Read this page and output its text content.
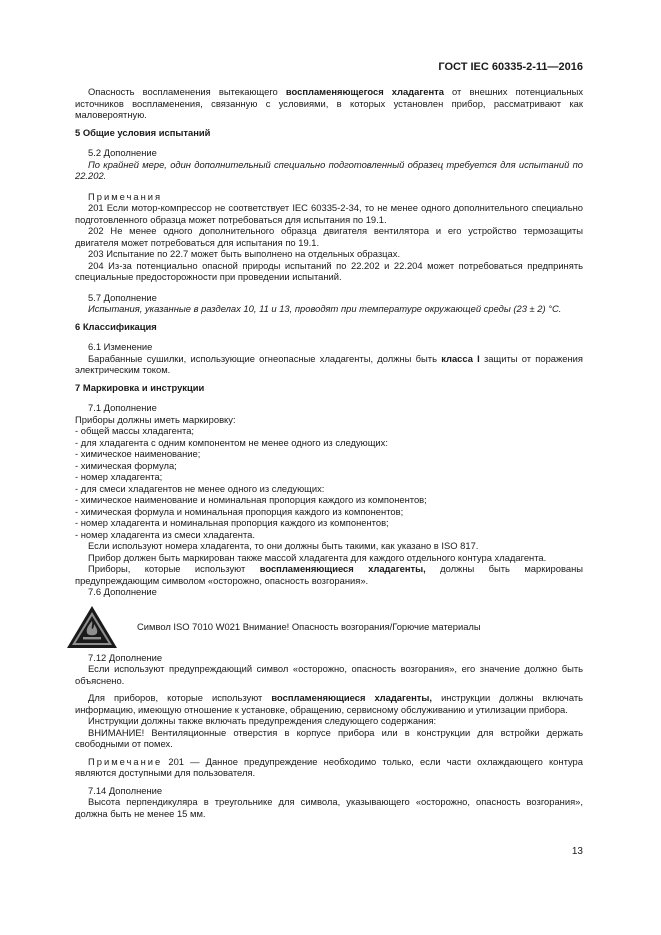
ГОСТ IEC 60335-2-11—2016

Опасность воспламенения вытекающего воспламеняющегося хладагента от внешних потенциальных источников воспламенения, связанную с условиями, в которых установлен прибор, рассматривают как маловероятную.

5 Общие условия испытаний

5.2 Дополнение

По крайней мере, один дополнительный специально подготовленный образец требуется для испытаний по 22.202.

Примечания

201 Если мотор-компрессор не соответствует IEC 60335-2-34, то не менее одного дополнительного специально подготовленного образца может потребоваться для испытания по 19.1.

202 Не менее одного дополнительного образца двигателя вентилятора и его устройство термозащиты двигателя может потребоваться для испытания по 19.1.

203 Испытание по 22.7 может быть выполнено на отдельных образцах.

204 Из-за потенциально опасной природы испытаний по 22.202 и 22.204 может потребоваться предпринять специальные предосторожности при проведении испытаний.

5.7 Дополнение

Испытания, указанные в разделах 10, 11 и 13, проводят при температуре окружающей среды (23 ± 2) °С.

6 Классификация

6.1 Изменение

Барабанные сушилки, использующие огнеопасные хладагенты, должны быть класса I защиты от поражения электрическим током.

7 Маркировка и инструкции

7.1 Дополнение

Приборы должны иметь маркировку:

- общей массы хладагента;

- для хладагента с одним компонентом не менее одного из следующих:

- химическое наименование;

- химическая формула;

- номер хладагента;

- для смеси хладагентов не менее одного из следующих:

- химическое наименование и номинальная пропорция каждого из компонентов;

- химическая формула и номинальная пропорция каждого из компонентов;

- номер хладагента и номинальная пропорция каждого из компонентов;

- номер хладагента из смеси хладагента.

Если используют номера хладагента, то они должны быть такими, как указано в ISO 817.

Прибор должен быть маркирован также массой хладагента для каждого отдельного контура хладагента.

Приборы, которые используют воспламеняющиеся хладагенты, должны быть маркированы предупреждающим символом «осторожно, опасность возгорания».

7.6 Дополнение

Символ ISO 7010 W021 Внимание! Опасность возгорания/Горючие материалы

7.12 Дополнение

Если используют предупреждающий символ «осторожно, опасность возгорания», его значение должно быть объяснено.

Для приборов, которые используют воспламеняющиеся хладагенты, инструкции должны включать информацию, имеющую отношение к установке, обращению, сервисному обслуживанию и утилизации прибора.

Инструкции должны также включать предупреждения следующего содержания:

ВНИМАНИЕ! Вентиляционные отверстия в корпусе прибора или в конструкции для встройки держать свободными от помех.

Примечание 201 — Данное предупреждение необходимо только, если части охлаждающего контура являются доступными для пользователя.

7.14 Дополнение

Высота перпендикуляра в треугольнике для символа, указывающего «осторожно, опасность возгорания», должна быть не менее 15 мм.

13
